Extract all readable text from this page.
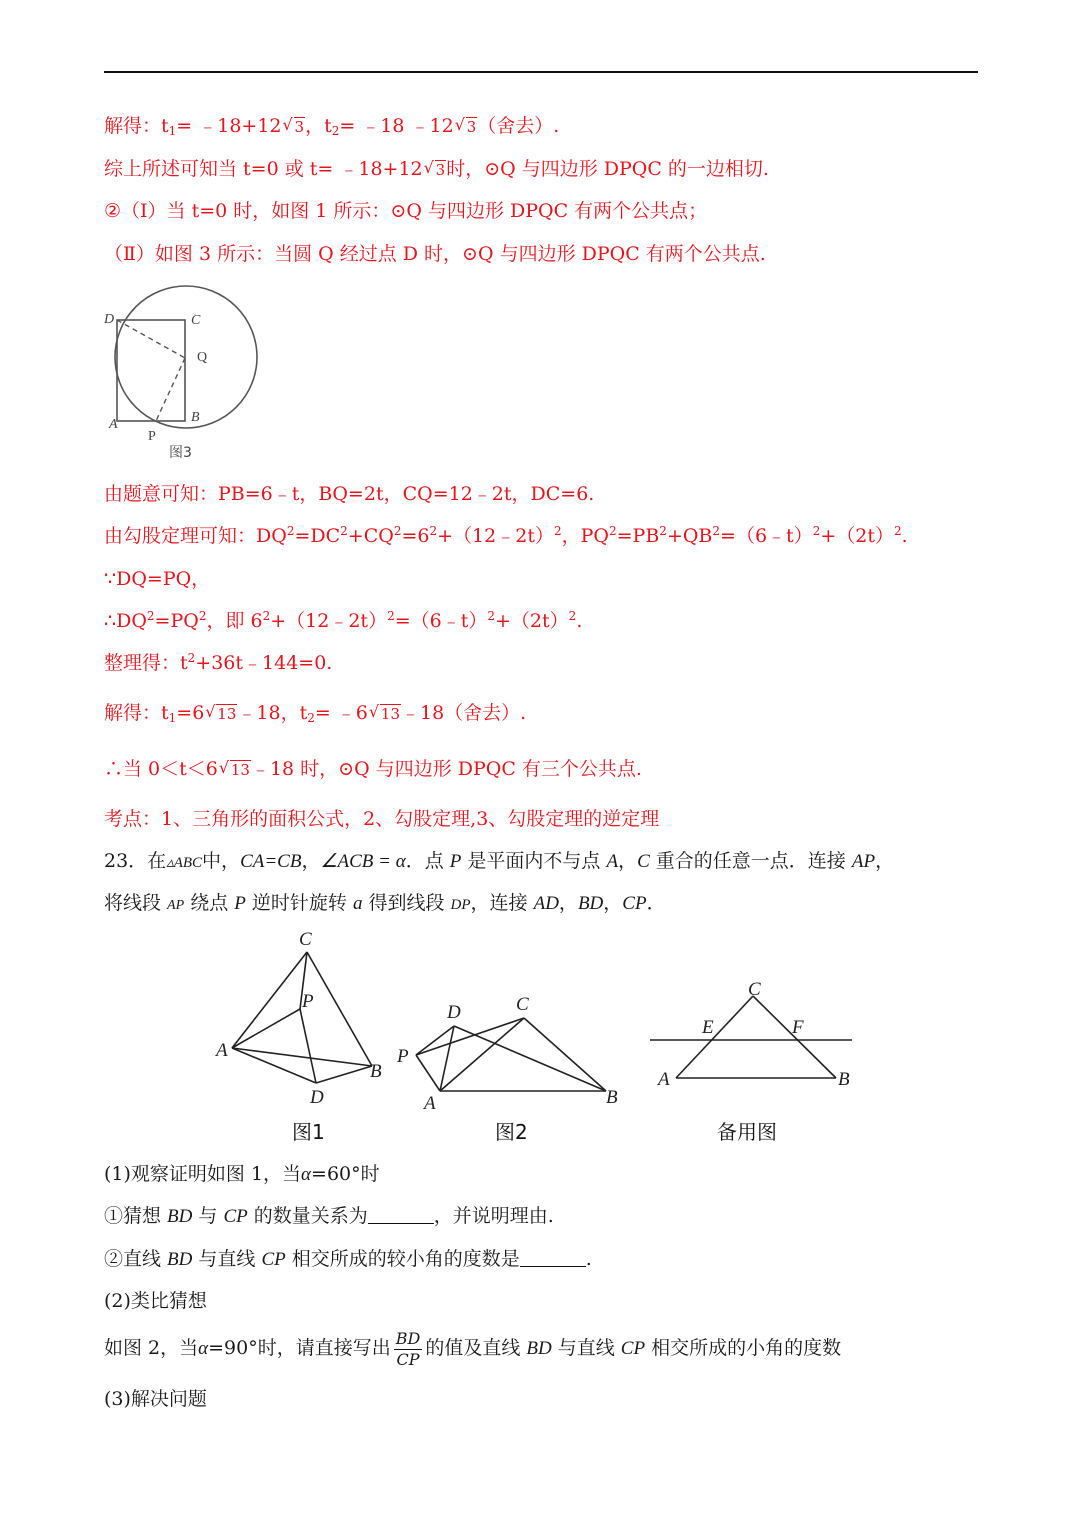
解得：$t_1=$ ﹣18+12√ 3，$t_2=$ ﹣18 ﹣12√ 3（舍去）.
综上所述可知当 t=0 或 t= ﹣18+12√ 3时，⊙Q 与四边形 DPQC 的一边相切.
②（Ⅰ）当 t=0 时，如图 1 所示：⊙Q 与四边形 DPQC 有两个公共点；
（Ⅱ）如图 3 所示：当圆 Q 经过点 D 时，⊙Q 与四边形 DPQC 有两个公共点.
D	C
Q
A	B
P
图3
由题意可知：PB=6﹣t，BQ=2t，CQ=12﹣2t，DC=6.
由勾股定理可知：$DQ^2=DC^2+CQ^2=6^2+(12﹣2t)^2$，$PQ^2=PB^2+QB^2=(6﹣t)^2+(2t)^2$.
∵DQ=PQ，
$\therefore DQ^2=PQ^2$，即 $6^2+(12﹣2t)^2=(6﹣t)^2+(2t)^2$.
整理得：$t^2+36t﹣144=0$.
解得：$t_1=6√$ 13﹣18，$t_2=$ ﹣6√ 13﹣18（舍去）.
∴当 0＜t＜6√ 13﹣18 时，⊙Q 与四边形 DPQC 有三个公共点.
考点：1、三角形的面积公式，2、勾股定理,3、勾股定理的逆定理
23．在▵ABC中，CA=CB，∠ACB = α．点 P 是平面内不与点 A，C 重合的任意一点．连接 AP，
将线段 AP 绕点 P 逆时针旋转 a 得到线段 DP，连接 AD，BD，CP．
C
P
A
B
D
图1
D	C
P
A	B
图2
C
E	F
A	B
备用图
(1)观察证明如图 1，当α=60°时
①猜想 BD 与 CP 的数量关系为	，并说明理由.
②直线 BD 与直线 CP 相交所成的较小角的度数是	.
(2)类比猜想
如图 2，当α=90°时，请直接写出 $\frac{BD}{CP}$ 的值及直线 BD 与直线 CP 相交所成的小角的度数
(3)解决问题
